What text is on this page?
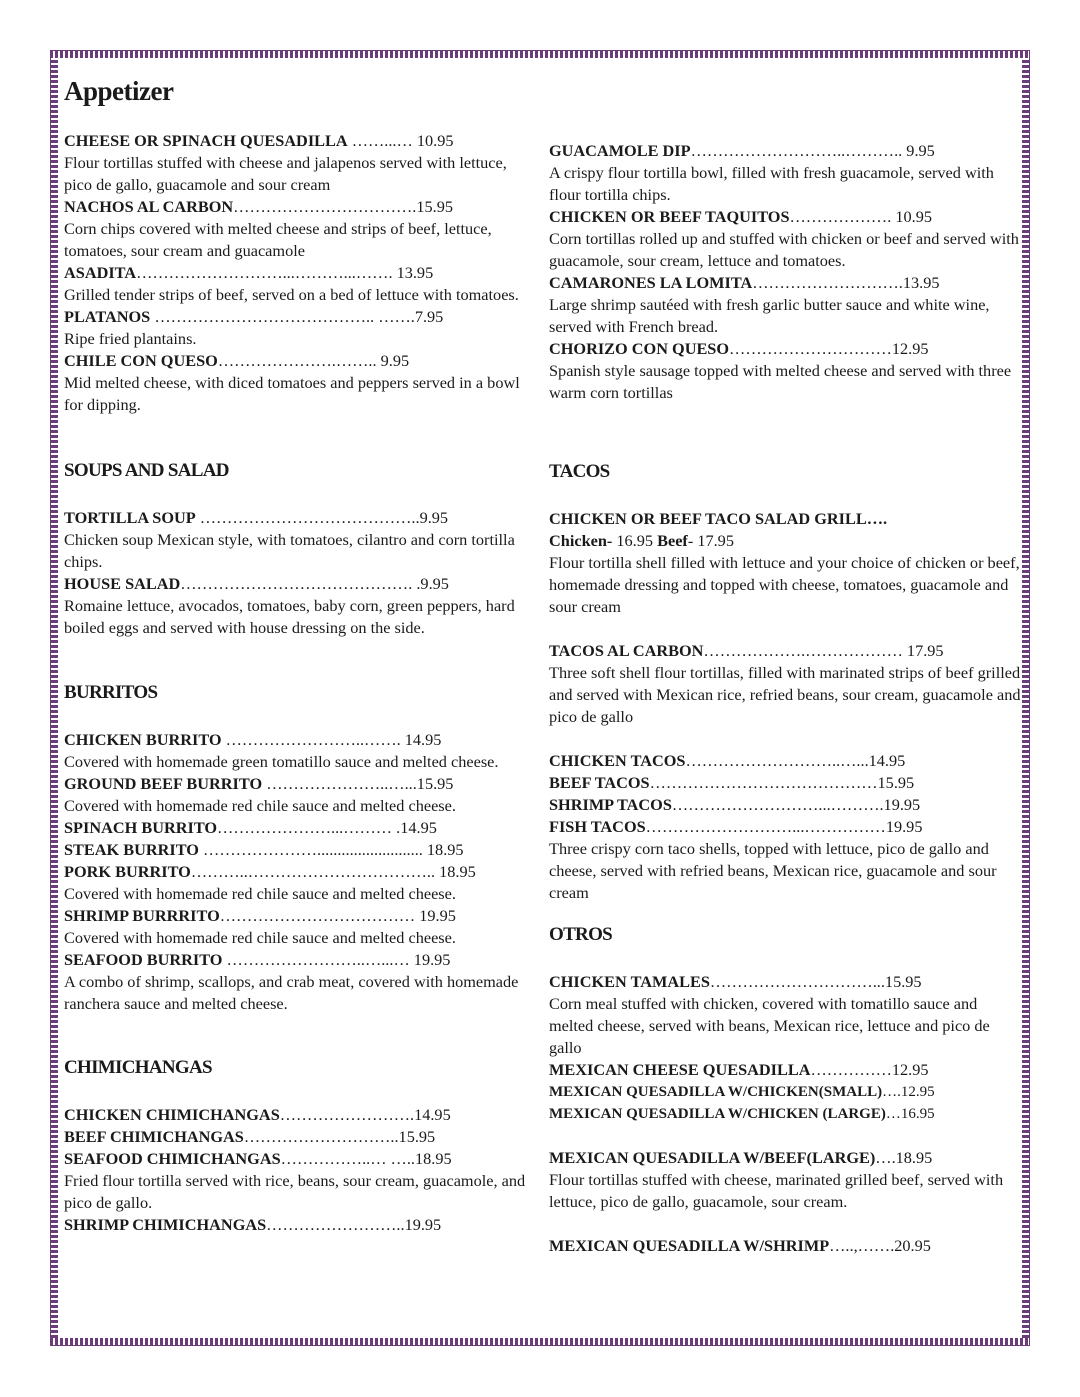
Appetizer
CHEESE OR SPINACH QUESADILLA ……...… 10.95
Flour tortillas stuffed with cheese and jalapenos served with lettuce, pico de gallo, guacamole and sour cream
NACHOS AL CARBON…………………………….15.95
Corn chips covered with melted cheese and strips of beef, lettuce, tomatoes, sour cream and guacamole
ASADITA………………………...………...……. 13.95
Grilled tender strips of beef, served on a bed of lettuce with tomatoes.
PLATANOS ………………………………….. …….7.95
Ripe fried plantains.
CHILE CON QUESO………………….…….. 9.95
Mid melted cheese, with diced tomatoes and peppers served in a bowl for dipping.
GUACAMOLE DIP………………………..……….. 9.95
A crispy flour tortilla bowl, filled with fresh guacamole, served with flour tortilla chips.
CHICKEN OR BEEF TAQUITOS………………. 10.95
Corn tortillas rolled up and stuffed with chicken or beef and served with guacamole, sour cream, lettuce and tomatoes.
CAMARONES LA LOMITA……………………….13.95
Large shrimp sautéed with fresh garlic butter sauce and white wine, served with French bread.
CHORIZO CON QUESO…………………………12.95
Spanish style sausage topped with melted cheese and served with three warm corn tortillas
SOUPS AND SALAD
TORTILLA SOUP …………………………………..9.95
Chicken soup Mexican style, with tomatoes, cilantro and corn tortilla chips.
HOUSE SALAD……………………………………. .9.95
Romaine lettuce, avocados, tomatoes, baby corn, green peppers, hard boiled eggs and served with house dressing on the side.
BURRITOS
CHICKEN BURRITO ……………………..……. 14.95
Covered with homemade green tomatillo sauce and melted cheese.
GROUND BEEF BURRITO …………………..…...15.95
Covered with homemade red chile sauce and melted cheese.
SPINACH BURRITO…………………...……… .14.95
STEAK BURRITO ………………….......................... 18.95
PORK BURRITO………..…………………………….. 18.95
Covered with homemade red chile sauce and melted cheese.
SHRIMP BURRRITO……………………………… 19.95
Covered with homemade red chile sauce and melted cheese.
SEAFOOD BURRITO ……………………..…...… 19.95
A combo of shrimp, scallops, and crab meat, covered with homemade ranchera sauce and melted cheese.
CHIMICHANGAS
CHICKEN CHIMICHANGAS…………………….14.95
BEEF CHIMICHANGAS………………………..15.95
SEAFOOD CHIMICHANGAS……………..… …..18.95
Fried flour tortilla served with rice, beans, sour cream, guacamole, and pico de gallo.
SHRIMP CHIMICHANGAS……………………..19.95
TACOS
CHICKEN OR BEEF TACO SALAD GRILL….
Chicken- 16.95 Beef- 17.95
Flour tortilla shell filled with lettuce and your choice of chicken or beef, homemade dressing and topped with cheese, tomatoes, guacamole and sour cream
TACOS AL CARBON……………….……………… 17.95
Three soft shell flour tortillas, filled with marinated strips of beef grilled and served with Mexican rice, refried beans, sour cream, guacamole and pico de gallo
CHICKEN TACOS………………………..…...14.95
BEEF TACOS……………………………………15.95
SHRIMP TACOS………………………...……….19.95
FISH TACOS………………………...……………19.95
Three crispy corn taco shells, topped with lettuce, pico de gallo and cheese, served with refried beans, Mexican rice, guacamole and sour cream
OTROS
CHICKEN TAMALES…………………………...15.95
Corn meal stuffed with chicken, covered with tomatillo sauce and melted cheese, served with beans, Mexican rice, lettuce and pico de gallo
MEXICAN CHEESE QUESADILLA……………12.95
MEXICAN QUESADILLA W/CHICKEN(SMALL)….12.95
MEXICAN QUESADILLA W/CHICKEN (LARGE)…16.95
MEXICAN QUESADILLA W/BEEF(LARGE)….18.95
Flour tortillas stuffed with cheese, marinated grilled beef, served with lettuce, pico de gallo, guacamole, sour cream.
MEXICAN QUESADILLA W/SHRIMP…..,…….20.95
